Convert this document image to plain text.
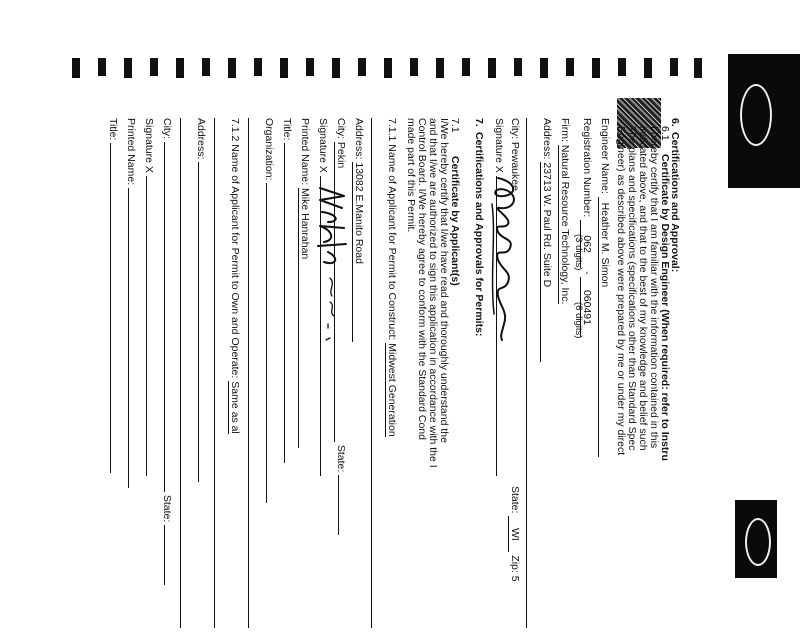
6.
Certifications and Approval:
6.1
Certificate by Design Engineer (When required: refer to Instru
I hereby certify that I am familiar with the information contained in this
indicated above, and that to the best of my knowledge and belief such
The plans and specifications (specifications other than Standard Spec
Engineer) as described above were prepared by me or under my direct
Engineer Name:   Heather M. Simon
Registration Number: 062 - 060491
(3 digits)
(6 digits)
Firm: Natural Resource Technology, Inc.
Address: 23713 W. Paul Rd. Suite D
City: Pewaukee
State: WI Zip: 5
Signature X
7.
Certifications and Approvals for Permits:
7.1
Certificate by Applicant(s)
I/We hereby certify that I/we have read and thoroughly understand the
and that I/we are authorized to sign this application in accordance with the I
Control Board. I/We hereby agree to conform with the Standard Cond
made part of this Permit.
7.1.1 Name of Applicant for Permit to Construct: Midwest Generation
Address: 13082 E.Manito Road
City: Pekin State:
Signature X
Printed Name: Mike Hanrahan
Title:
Organization:
7.1.2 Name of Applicant for Permit to Own and Operate: Same as al
Address:
City:  State:
Signature X
Printed Name:
Title:
